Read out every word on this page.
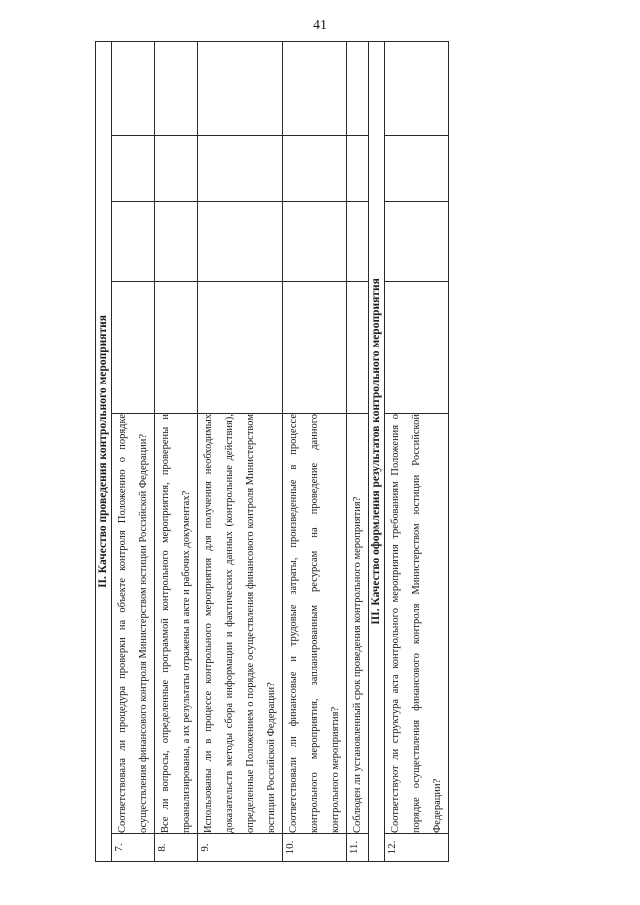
41
II. Качество проведения контрольного мероприятия					
7.	Соответствовала ли процедура проверки на объекте контроля Положению о порядке осуществления финансового контроля Министерством юстиции Российской Федерации?				
8.	Все ли вопросы, определенные программой контрольного мероприятия, проверены и проанализированы, а их результаты отражены в акте и рабочих документах?				
9.	Использованы ли в процессе контрольного мероприятия для получения необходимых доказательств методы сбора информации и фактических данных (контрольные действия), определенные Положением о порядке осуществления финансового контроля Министерством юстиции Российской Федерации?				
10.	Соответствовали ли финансовые и трудовые затраты, произведенные в процессе контрольного мероприятия, запланированным ресурсам на проведение данного контрольного мероприятия?				
11.	Соблюден ли установленный срок проведения контрольного мероприятия?				
III. Качество оформления результатов контрольного мероприятия					
12.	Соответствуют ли структура акта контрольного мероприятия требованиям Положения о порядке осуществления финансового контроля Министерством юстиции Российской Федерации?				
